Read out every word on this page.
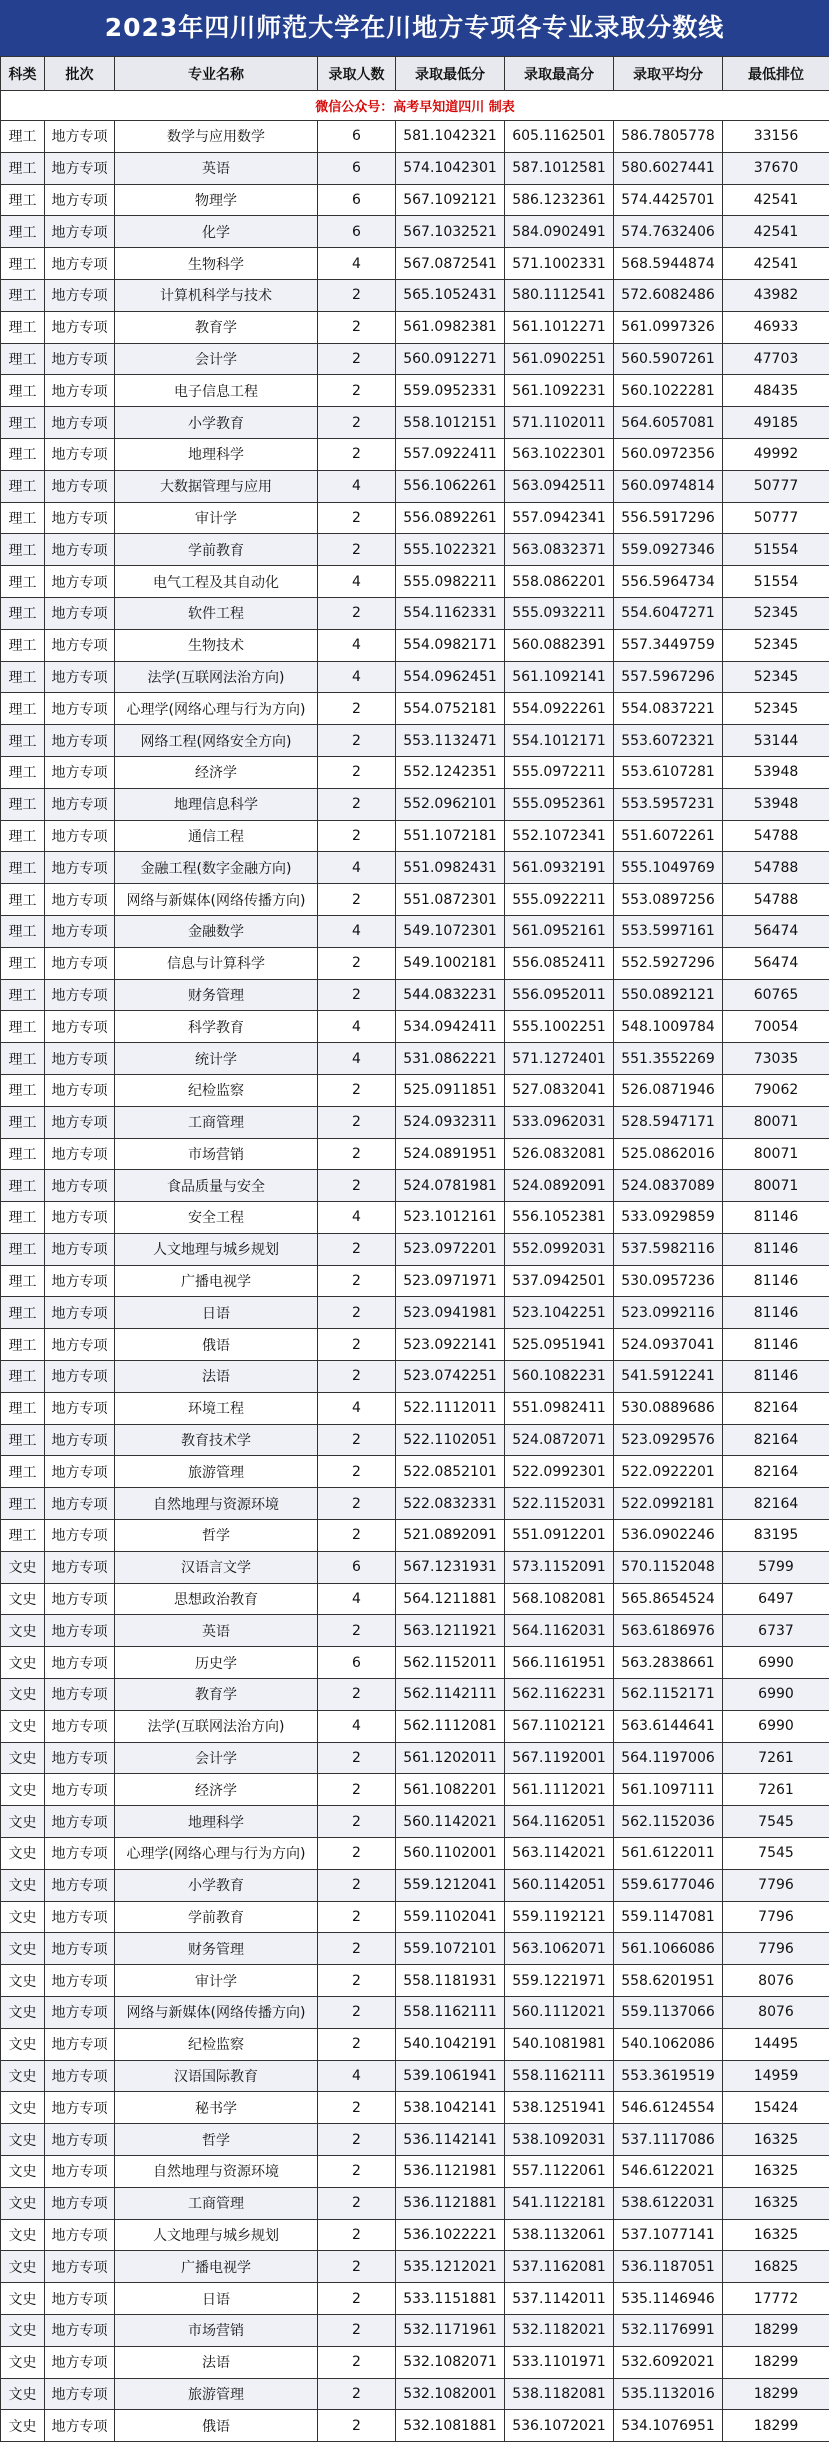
2023年四川师范大学在川地方专项各专业录取分数线
科类	批次	专业名称	录取人数	录取最低分	录取最高分	录取平均分	最低排位
微信公众号：高考早知道四川 制表							
理工	地方专项	数学与应用数学	6	581.1042321	605.1162501	586.7805778	33156
理工	地方专项	英语	6	574.1042301	587.1012581	580.6027441	37670
理工	地方专项	物理学	6	567.1092121	586.1232361	574.4425701	42541
理工	地方专项	化学	6	567.1032521	584.0902491	574.7632406	42541
理工	地方专项	生物科学	4	567.0872541	571.1002331	568.5944874	42541
理工	地方专项	计算机科学与技术	2	565.1052431	580.1112541	572.6082486	43982
理工	地方专项	教育学	2	561.0982381	561.1012271	561.0997326	46933
理工	地方专项	会计学	2	560.0912271	561.0902251	560.5907261	47703
理工	地方专项	电子信息工程	2	559.0952331	561.1092231	560.1022281	48435
理工	地方专项	小学教育	2	558.1012151	571.1102011	564.6057081	49185
理工	地方专项	地理科学	2	557.0922411	563.1022301	560.0972356	49992
理工	地方专项	大数据管理与应用	4	556.1062261	563.0942511	560.0974814	50777
理工	地方专项	审计学	2	556.0892261	557.0942341	556.5917296	50777
理工	地方专项	学前教育	2	555.1022321	563.0832371	559.0927346	51554
理工	地方专项	电气工程及其自动化	4	555.0982211	558.0862201	556.5964734	51554
理工	地方专项	软件工程	2	554.1162331	555.0932211	554.6047271	52345
理工	地方专项	生物技术	4	554.0982171	560.0882391	557.3449759	52345
理工	地方专项	法学(互联网法治方向)	4	554.0962451	561.1092141	557.5967296	52345
理工	地方专项	心理学(网络心理与行为方向)	2	554.0752181	554.0922261	554.0837221	52345
理工	地方专项	网络工程(网络安全方向)	2	553.1132471	554.1012171	553.6072321	53144
理工	地方专项	经济学	2	552.1242351	555.0972211	553.6107281	53948
理工	地方专项	地理信息科学	2	552.0962101	555.0952361	553.5957231	53948
理工	地方专项	通信工程	2	551.1072181	552.1072341	551.6072261	54788
理工	地方专项	金融工程(数字金融方向)	4	551.0982431	561.0932191	555.1049769	54788
理工	地方专项	网络与新媒体(网络传播方向)	2	551.0872301	555.0922211	553.0897256	54788
理工	地方专项	金融数学	4	549.1072301	561.0952161	553.5997161	56474
理工	地方专项	信息与计算科学	2	549.1002181	556.0852411	552.5927296	56474
理工	地方专项	财务管理	2	544.0832231	556.0952011	550.0892121	60765
理工	地方专项	科学教育	4	534.0942411	555.1002251	548.1009784	70054
理工	地方专项	统计学	4	531.0862221	571.1272401	551.3552269	73035
理工	地方专项	纪检监察	2	525.0911851	527.0832041	526.0871946	79062
理工	地方专项	工商管理	2	524.0932311	533.0962031	528.5947171	80071
理工	地方专项	市场营销	2	524.0891951	526.0832081	525.0862016	80071
理工	地方专项	食品质量与安全	2	524.0781981	524.0892091	524.0837089	80071
理工	地方专项	安全工程	4	523.1012161	556.1052381	533.0929859	81146
理工	地方专项	人文地理与城乡规划	2	523.0972201	552.0992031	537.5982116	81146
理工	地方专项	广播电视学	2	523.0971971	537.0942501	530.0957236	81146
理工	地方专项	日语	2	523.0941981	523.1042251	523.0992116	81146
理工	地方专项	俄语	2	523.0922141	525.0951941	524.0937041	81146
理工	地方专项	法语	2	523.0742251	560.1082231	541.5912241	81146
理工	地方专项	环境工程	4	522.1112011	551.0982411	530.0889686	82164
理工	地方专项	教育技术学	2	522.1102051	524.0872071	523.0929576	82164
理工	地方专项	旅游管理	2	522.0852101	522.0992301	522.0922201	82164
理工	地方专项	自然地理与资源环境	2	522.0832331	522.1152031	522.0992181	82164
理工	地方专项	哲学	2	521.0892091	551.0912201	536.0902246	83195
文史	地方专项	汉语言文学	6	567.1231931	573.1152091	570.1152048	5799
文史	地方专项	思想政治教育	4	564.1211881	568.1082081	565.8654524	6497
文史	地方专项	英语	2	563.1211921	564.1162031	563.6186976	6737
文史	地方专项	历史学	6	562.1152011	566.1161951	563.2838661	6990
文史	地方专项	教育学	2	562.1142111	562.1162231	562.1152171	6990
文史	地方专项	法学(互联网法治方向)	4	562.1112081	567.1102121	563.6144641	6990
文史	地方专项	会计学	2	561.1202011	567.1192001	564.1197006	7261
文史	地方专项	经济学	2	561.1082201	561.1112021	561.1097111	7261
文史	地方专项	地理科学	2	560.1142021	564.1162051	562.1152036	7545
文史	地方专项	心理学(网络心理与行为方向)	2	560.1102001	563.1142021	561.6122011	7545
文史	地方专项	小学教育	2	559.1212041	560.1142051	559.6177046	7796
文史	地方专项	学前教育	2	559.1102041	559.1192121	559.1147081	7796
文史	地方专项	财务管理	2	559.1072101	563.1062071	561.1066086	7796
文史	地方专项	审计学	2	558.1181931	559.1221971	558.6201951	8076
文史	地方专项	网络与新媒体(网络传播方向)	2	558.1162111	560.1112021	559.1137066	8076
文史	地方专项	纪检监察	2	540.1042191	540.1081981	540.1062086	14495
文史	地方专项	汉语国际教育	4	539.1061941	558.1162111	553.3619519	14959
文史	地方专项	秘书学	2	538.1042141	538.1251941	546.6124554	15424
文史	地方专项	哲学	2	536.1142141	538.1092031	537.1117086	16325
文史	地方专项	自然地理与资源环境	2	536.1121981	557.1122061	546.6122021	16325
文史	地方专项	工商管理	2	536.1121881	541.1122181	538.6122031	16325
文史	地方专项	人文地理与城乡规划	2	536.1022221	538.1132061	537.1077141	16325
文史	地方专项	广播电视学	2	535.1212021	537.1162081	536.1187051	16825
文史	地方专项	日语	2	533.1151881	537.1142011	535.1146946	17772
文史	地方专项	市场营销	2	532.1171961	532.1182021	532.1176991	18299
文史	地方专项	法语	2	532.1082071	533.1101971	532.6092021	18299
文史	地方专项	旅游管理	2	532.1082001	538.1182081	535.1132016	18299
文史	地方专项	俄语	2	532.1081881	536.1072021	534.1076951	18299
